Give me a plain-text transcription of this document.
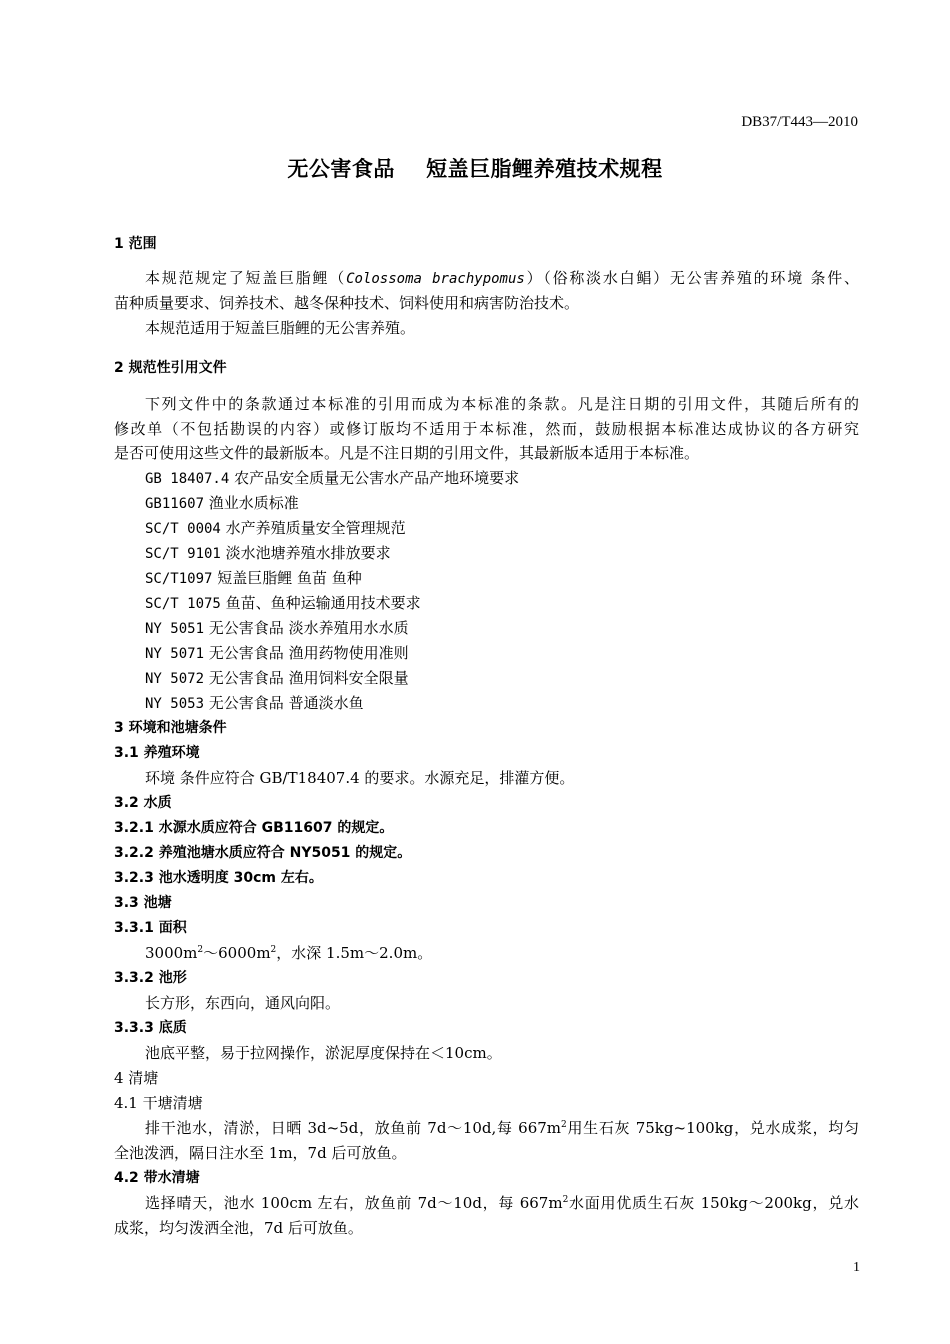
DB37/T443—2010
无公害食品    短盖巨脂鲤养殖技术规程
1 范围
本规范规定了短盖巨脂鲤（Colossoma brachypomus）（俗称淡水白鲳）无公害养殖的环境 条件、
苗种质量要求、饲养技术、越冬保种技术、饲料使用和病害防治技术。
本规范适用于短盖巨脂鲤的无公害养殖。
2 规范性引用文件
下列文件中的条款通过本标准的引用而成为本标准的条款。凡是注日期的引用文件，其随后所有的
修改单（不包括勘误的内容）或修订版均不适用于本标准，然而，鼓励根据本标准达成协议的各方研究
是否可使用这些文件的最新版本。凡是不注日期的引用文件，其最新版本适用于本标准。
GB 18407.4 农产品安全质量无公害水产品产地环境要求
GB11607 渔业水质标准
SC/T 0004 水产养殖质量安全管理规范
SC/T 9101 淡水池塘养殖水排放要求
SC/T1097 短盖巨脂鲤 鱼苗 鱼种
SC/T 1075 鱼苗、鱼种运输通用技术要求
NY 5051 无公害食品 淡水养殖用水水质
NY 5071 无公害食品 渔用药物使用准则
NY 5072 无公害食品 渔用饲料安全限量
NY 5053 无公害食品 普通淡水鱼
3 环境和池塘条件
3.1 养殖环境
环境 条件应符合 GB/T18407.4 的要求。水源充足，排灌方便。
3.2 水质
3.2.1 水源水质应符合 GB11607 的规定。
3.2.2 养殖池塘水质应符合 NY5051 的规定。
3.2.3 池水透明度 30cm 左右。
3.3 池塘
3.3.1 面积
$3000m^2\sim 6000m^2$，水深 1.5m～2.0m。
3.3.2 池形
长方形，东西向，通风向阳。
3.3.3 底质
池底平整，易于拉网操作，淤泥厚度保持在＜10cm。
4 清塘
4.1 干塘清塘
排干池水，清淤，日晒 3d~5d，放鱼前 7d～10d,每 $667m^2$用生石灰 75kg~100kg，兑水成浆，均匀
全池泼洒，隔日注水至 1m，7d 后可放鱼。
4.2 带水清塘
选择晴天，池水 100cm 左右，放鱼前 7d～10d，每 $667m^2$水面用优质生石灰 150kg～200kg，兑水
成浆，均匀泼洒全池，7d 后可放鱼。
1
